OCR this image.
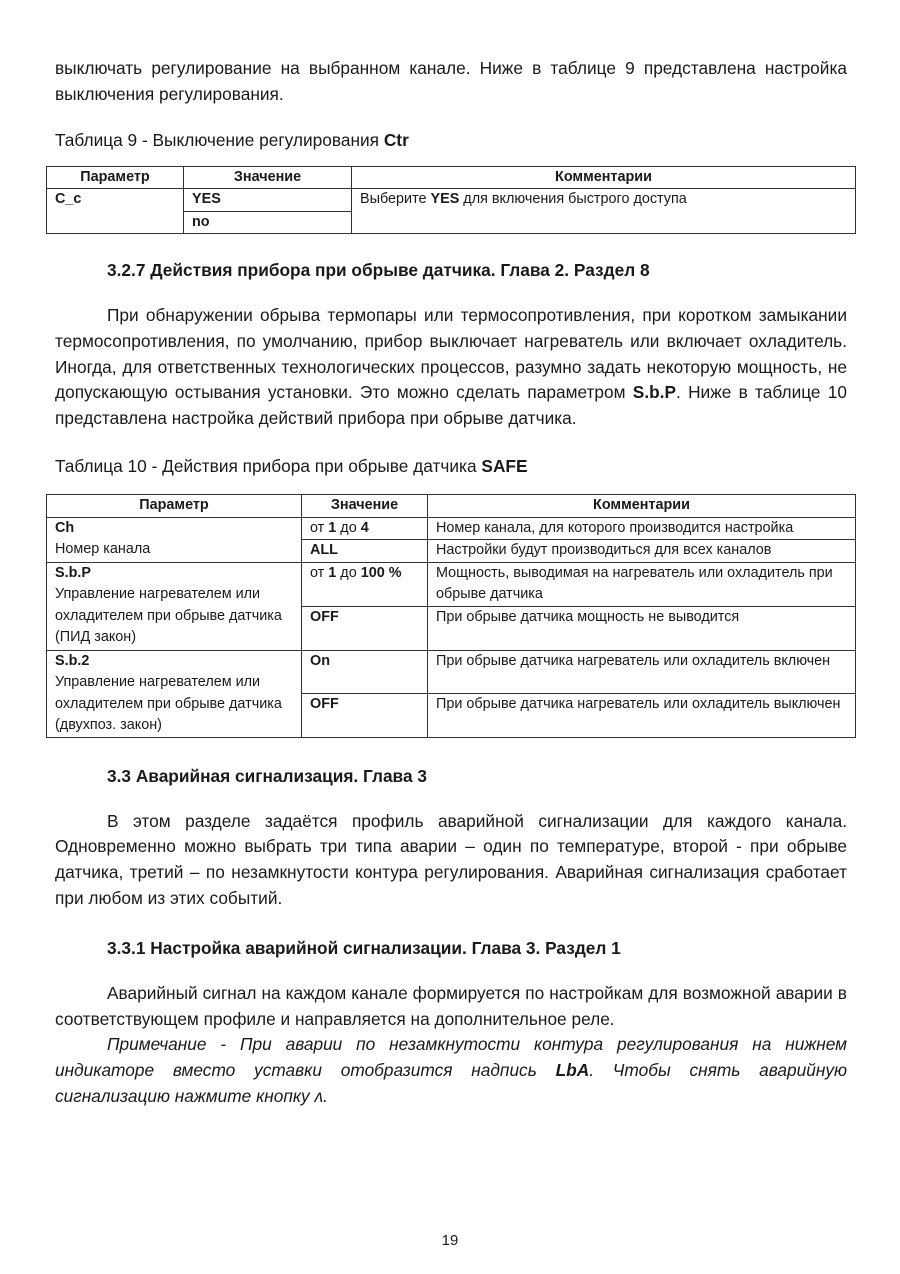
выключать регулирование на выбранном канале. Ниже в таблице 9 представлена настройка выключения регулирования.

Таблица 9 - Выключение регулирования Ctr
Параметр	Значение	Комментарии
C_c	YES	Выберите YES для включения быстрого доступа
	no	
3.2.7 Действия прибора при обрыве датчика. Глава 2. Раздел 8

При обнаружении обрыва термопары или термосопротивления, при коротком замыкании термосопротивления, по умолчанию, прибор выключает нагреватель или включает охладитель. Иногда, для ответственных технологических процессов, разумно задать некоторую мощность, не допускающую остывания установки. Это можно сделать параметром S.b.P. Ниже в таблице 10 представлена настройка действий прибора при обрыве датчика.

Таблица 10 - Действия прибора при обрыве датчика SAFE
Параметр	Значение	Комментарии
Ch
Номер канала	от 1 до 4	Номер канала, для которого производится настройка
	ALL	Настройки будут производиться для всех каналов
S.b.P
Управление нагревателем или охладителем при обрыве датчика (ПИД закон)	от 1 до 100 %	Мощность, выводимая на нагреватель или охладитель при обрыве датчика
	OFF	При обрыве датчика мощность не выводится
S.b.2
Управление нагревателем или охладителем при обрыве датчика (двухпоз. закон)	On	При обрыве датчика нагреватель или охладитель включен
	OFF	При обрыве датчика нагреватель или охладитель выключен
3.3 Аварийная сигнализация. Глава 3

В этом разделе задаётся профиль аварийной сигнализации для каждого канала. Одновременно можно выбрать три типа аварии – один по температуре, второй - при обрыве датчика, третий – по незамкнутости контура регулирования. Аварийная сигнализация сработает при любом из этих событий.

3.3.1 Настройка аварийной сигнализации. Глава 3. Раздел 1

Аварийный сигнал на каждом канале формируется по настройкам для возможной аварии в соответствующем профиле и направляется на дополнительное реле.

Примечание - При аварии по незамкнутости контура регулирования на нижнем индикаторе вместо уставки отобразится надпись LbA. Чтобы снять аварийную сигнализацию нажмите кнопку ʌ.

19
